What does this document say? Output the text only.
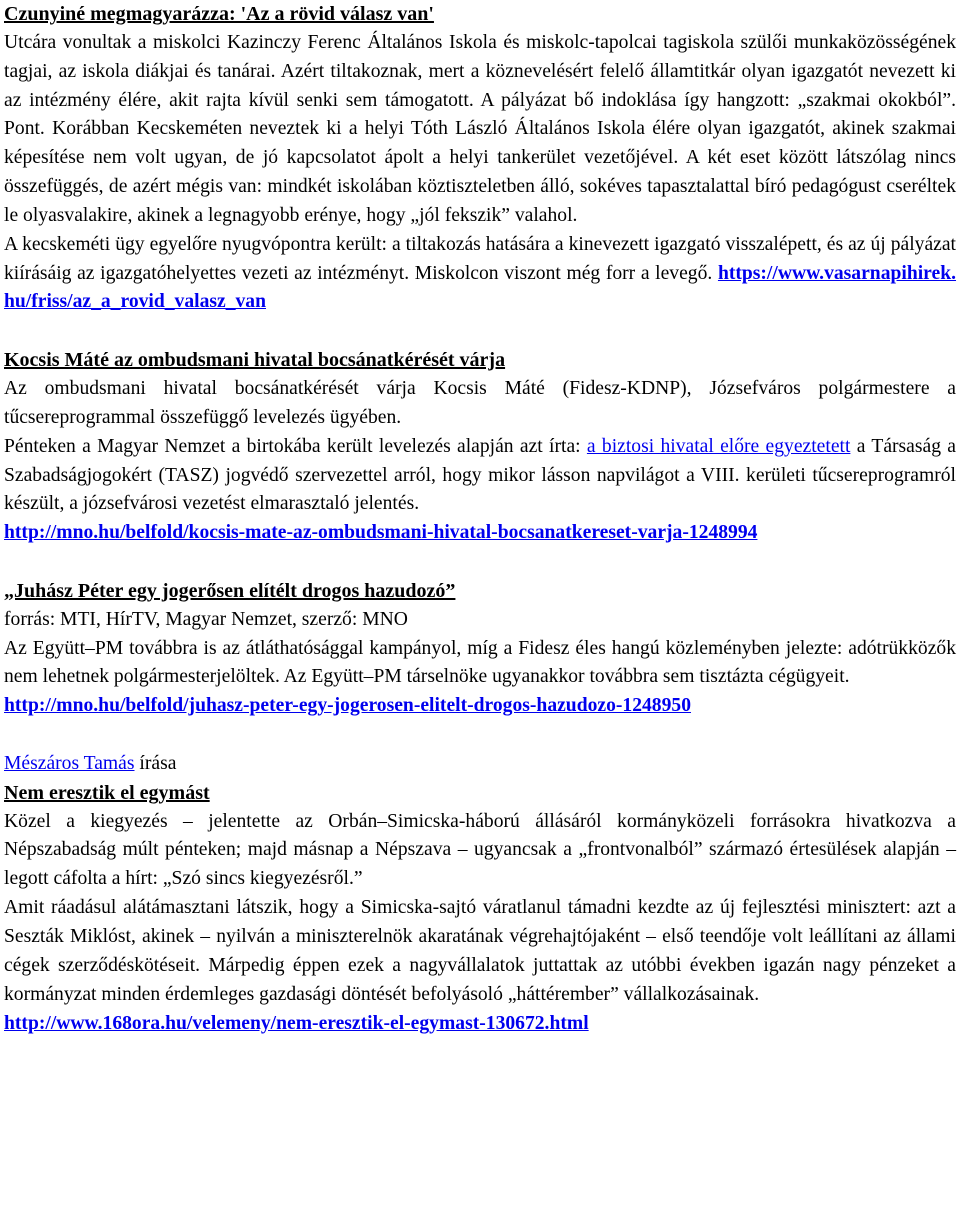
Czunyiné megmagyarázza: 'Az a rövid válasz van'

Utcára vonultak a miskolci Kazinczy Ferenc Általános Iskola és miskolc-tapolcai tagiskola szülői munkaközösségének tagjai, az iskola diákjai és tanárai. Azért tiltakoznak, mert a köznevelésért felelő államtitkár olyan igazgatót nevezett ki az intézmény élére, akit rajta kívül senki sem támogatott. A pályázat bő indoklása így hangzott: „szakmai okokból”. Pont. Korábban Kecskeméten neveztek ki a helyi Tóth László Általános Iskola élére olyan igazgatót, akinek szakmai képesítése nem volt ugyan, de jó kapcsolatot ápolt a helyi tankerület vezetőjével. A két eset között látszólag nincs összefüggés, de azért mégis van: mindkét iskolában köztiszteletben álló, sokéves tapasztalattal bíró pedagógust cseréltek le olyasvalakire, akinek a legnagyobb erénye, hogy „jól fekszik” valahol.

A kecskeméti ügy egyelőre nyugvópontra került: a tiltakozás hatására a kinevezett igazgató visszalépett, és az új pályázat kiírásáig az igazgatóhelyettes vezeti az intézményt. Miskolcon viszont még forr a levegő. https://www.vasarnapihirek.hu/friss/az_a_rovid_valasz_van

Kocsis Máté az ombudsmani hivatal bocsánatkérését várja

Az ombudsmani hivatal bocsánatkérését várja Kocsis Máté (Fidesz-KDNP), Józsefváros polgármestere a tűcsereprogrammal összefüggő levelezés ügyében.

Pénteken a Magyar Nemzet a birtokába került levelezés alapján azt írta: a biztosi hivatal előre egyeztetett a Társaság a Szabadságjogokért (TASZ) jogvédő szervezettel arról, hogy mikor lásson napvilágot a VIII. kerületi tűcsereprogramról készült, a józsefvárosi vezetést elmarasztaló jelentés.

http://mno.hu/belfold/kocsis-mate-az-ombudsmani-hivatal-bocsanatkereset-varja-1248994

„Juhász Péter egy jogerősen elítélt drogos hazudozó”

forrás: MTI, HírTV, Magyar Nemzet, szerző: MNO

Az Együtt–PM továbbra is az átláthatósággal kampányol, míg a Fidesz éles hangú közleményben jelezte: adótrükközők nem lehetnek polgármesterjelöltek. Az Együtt–PM társelnöke ugyanakkor továbbra sem tisztázta cégügyeit.

http://mno.hu/belfold/juhasz-peter-egy-jogerosen-elitelt-drogos-hazudozo-1248950

Mészáros Tamás írása

Nem eresztik el egymást

Közel a kiegyezés – jelentette az Orbán–Simicska-háború állásáról kormányközeli forrásokra hivatkozva a Népszabadság múlt pénteken; majd másnap a Népszava – ugyancsak a „frontvonalból” származó értesülések alapján – legott cáfolta a hírt: „Szó sincs kiegyezésről.”

Amit ráadásul alátámasztani látszik, hogy a Simicska-sajtó váratlanul támadni kezdte az új fejlesztési minisztert: azt a Seszták Miklóst, akinek – nyilván a miniszterelnök akaratának végrehajtójaként – első teendője volt leállítani az állami cégek szerződéskötéseit. Márpedig éppen ezek a nagyvállalatok juttattak az utóbbi években igazán nagy pénzeket a kormányzat minden érdemleges gazdasági döntését befolyásoló „háttérember” vállalkozásainak.

http://www.168ora.hu/velemeny/nem-eresztik-el-egymast-130672.html
